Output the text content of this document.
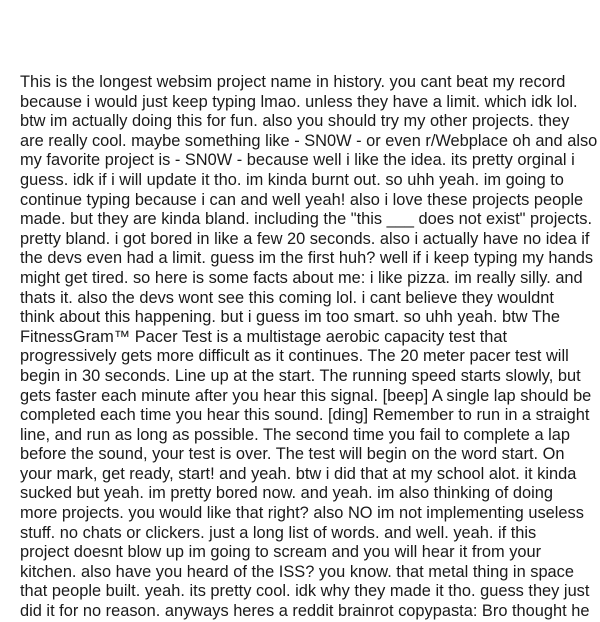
This is the longest websim project name in history. you cant beat my record
because i would just keep typing lmao. unless they have a limit. which idk lol.
btw im actually doing this for fun. also you should try my other projects. they
are really cool. maybe something like - SN0W - or even r/Webplace oh and also
my favorite project is - SN0W - because well i like the idea. its pretty orginal i
guess. idk if i will update it tho. im kinda burnt out. so uhh yeah. im going to
continue typing because i can and well yeah! also i love these projects people
made. but they are kinda bland. including the "this ___ does not exist" projects.
pretty bland. i got bored in like a few 20 seconds. also i actually have no idea if
the devs even had a limit. guess im the first huh? well if i keep typing my hands
might get tired. so here is some facts about me: i like pizza. im really silly. and
thats it. also the devs wont see this coming lol. i cant believe they wouldnt
think about this happening. but i guess im too smart. so uhh yeah. btw The
FitnessGram™ Pacer Test is a multistage aerobic capacity test that
progressively gets more difficult as it continues. The 20 meter pacer test will
begin in 30 seconds. Line up at the start. The running speed starts slowly, but
gets faster each minute after you hear this signal. [beep] A single lap should be
completed each time you hear this sound. [ding] Remember to run in a straight
line, and run as long as possible. The second time you fail to complete a lap
before the sound, your test is over. The test will begin on the word start. On
your mark, get ready, start! and yeah. btw i did that at my school alot. it kinda
sucked but yeah. im pretty bored now. and yeah. im also thinking of doing
more projects. you would like that right? also NO im not implementing useless
stuff. no chats or clickers. just a long list of words. and well. yeah. if this
project doesnt blow up im going to scream and you will hear it from your
kitchen. also have you heard of the ISS? you know. that metal thing in space
that people built. yeah. its pretty cool. idk why they made it tho. guess they just
did it for no reason. anyways heres a reddit brainrot copypasta: Bro thought he
